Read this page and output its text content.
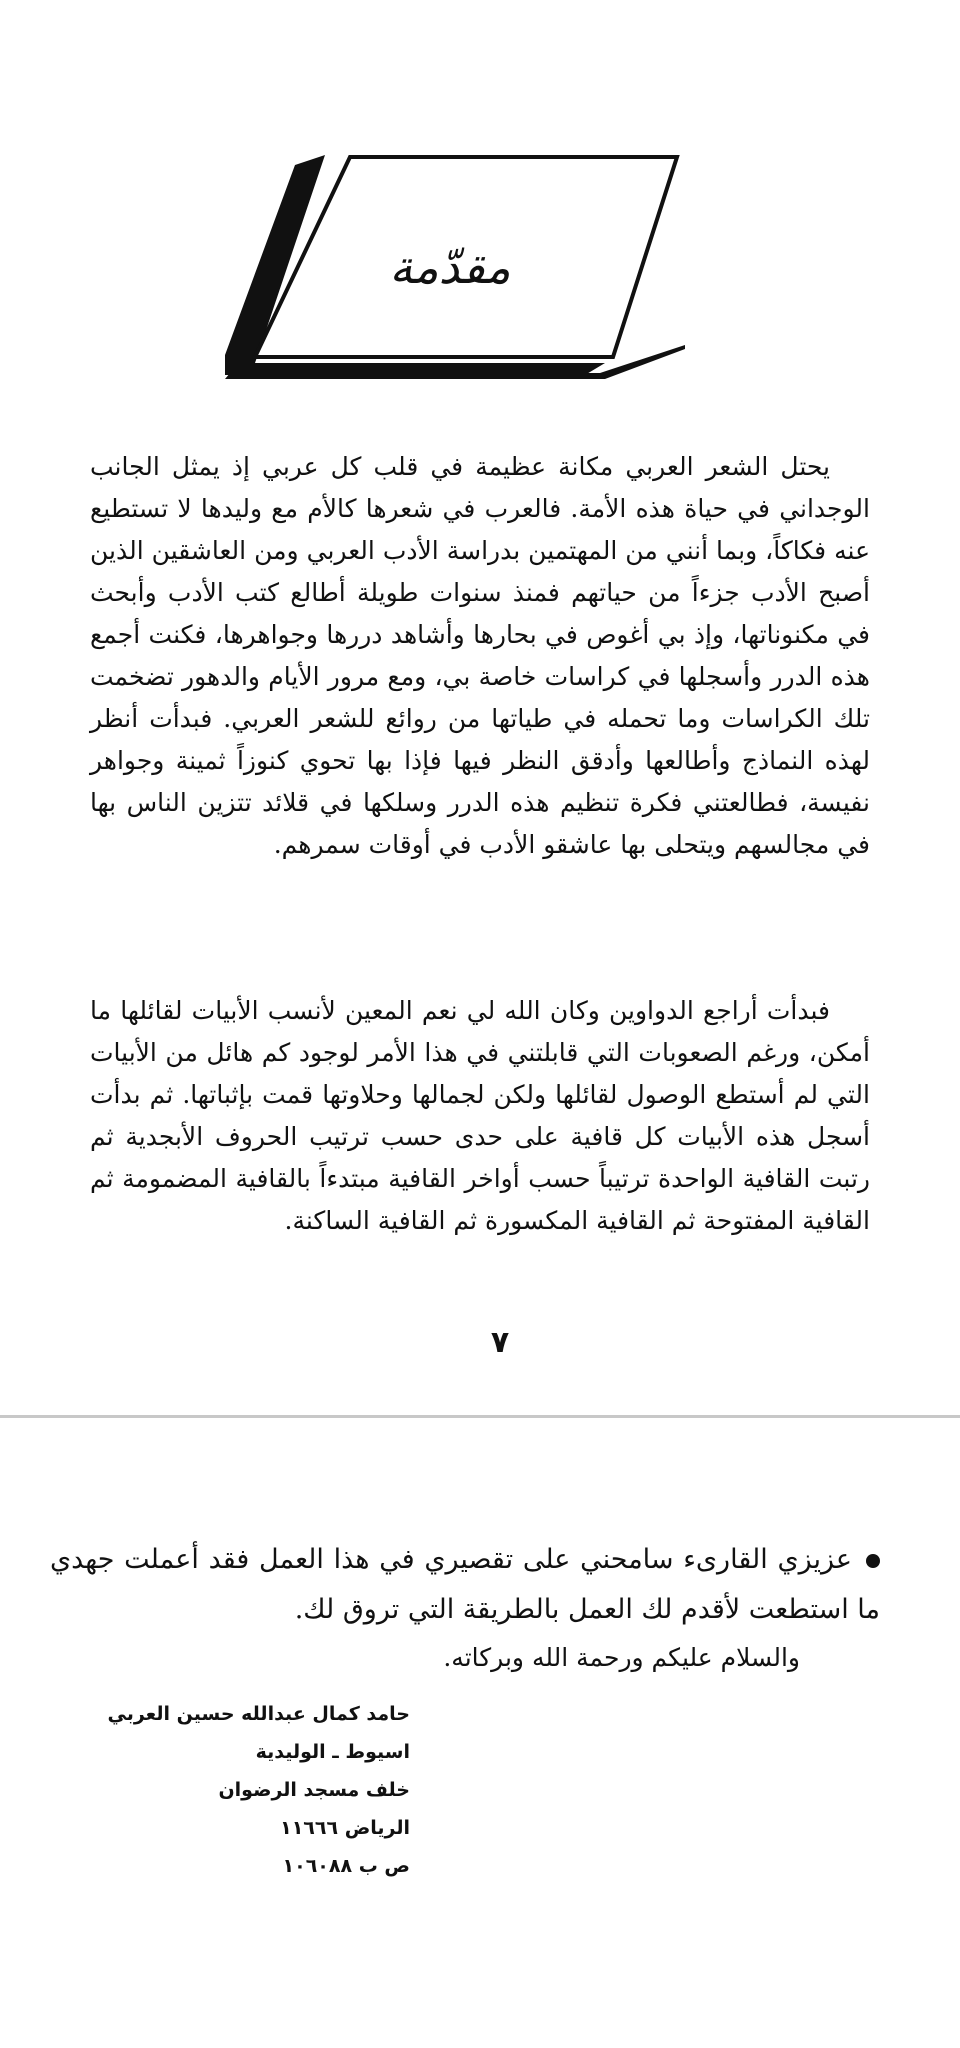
مقدّمة

يحتل الشعر العربي مكانة عظيمة في قلب كل عربي إذ يمثل الجانب الوجداني في حياة هذه الأمة. فالعرب في شعرها كالأم مع وليدها لا تستطيع عنه فكاكاً، وبما أنني من المهتمين بدراسة الأدب العربي ومن العاشقين الذين أصبح الأدب جزءاً من حياتهم فمنذ سنوات طويلة أطالع كتب الأدب وأبحث في مكنوناتها، وإذ بي أغوص في بحارها وأشاهد دررها وجواهرها، فكنت أجمع هذه الدرر وأسجلها في كراسات خاصة بي، ومع مرور الأيام والدهور تضخمت تلك الكراسات وما تحمله في طياتها من روائع للشعر العربي. فبدأت أنظر لهذه النماذج وأطالعها وأدقق النظر فيها فإذا بها تحوي كنوزاً ثمينة وجواهر نفيسة، فطالعتني فكرة تنظيم هذه الدرر وسلكها في قلائد تتزين الناس بها في مجالسهم ويتحلى بها عاشقو الأدب في أوقات سمرهم.

فبدأت أراجع الدواوين وكان الله لي نعم المعين لأنسب الأبيات لقائلها ما أمكن، ورغم الصعوبات التي قابلتني في هذا الأمر لوجود كم هائل من الأبيات التي لم أستطع الوصول لقائلها ولكن لجمالها وحلاوتها قمت بإثباتها. ثم بدأت أسجل هذه الأبيات كل قافية على حدى حسب ترتيب الحروف الأبجدية ثم رتبت القافية الواحدة ترتيباً حسب أواخر القافية مبتدءاً بالقافية المضمومة ثم القافية المفتوحة ثم القافية المكسورة ثم القافية الساكنة.

٧
عزيزي القارىء سامحني على تقصيري في هذا العمل فقد أعملت جهدي ما استطعت لأقدم لك العمل بالطريقة التي تروق لك.
والسلام عليكم ورحمة الله وبركاته.
حامد كمال عبدالله حسين العربي
اسيوط ـ الوليدية
خلف مسجد الرضوان
الرياض ١١٦٦٦
ص ب ١٠٦٠٨٨
